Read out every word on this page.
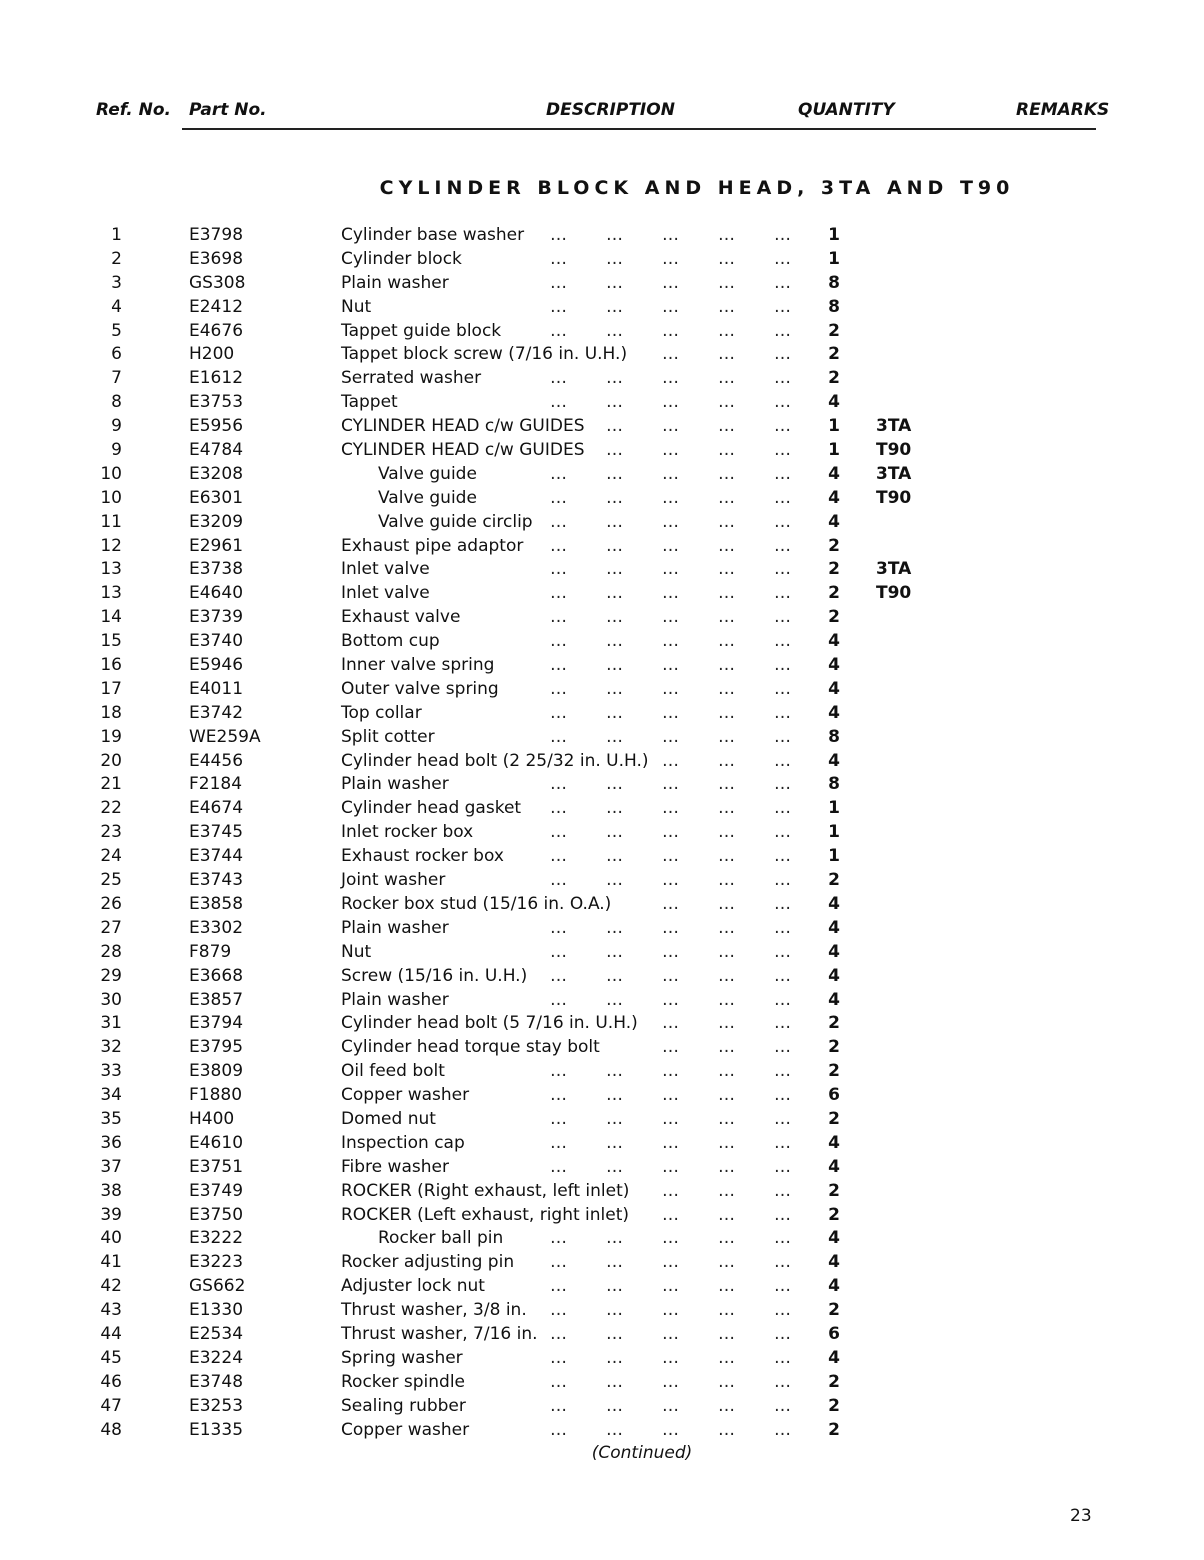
Ref. No. Part No.	DESCRIPTION	QUANTITY	REMARKS
CYLINDER BLOCK AND HEAD, 3TA AND T90
1	E3798	Cylinder base washer … … … … …	1
2	E3698	Cylinder block	… … … … …	1
3	GS308	Plain washer	… … … … …	8
4	E2412	Nut	… … … … …	8
5	E4676	Tappet guide block	… … … … …	2
6	H200	Tappet block screw (7/16 in. U.H.) … … …	2
7	E1612	Serrated washer	… … … … …	2
8	E3753	Tappet	… … … … …	4
9	E5956	CYLINDER HEAD c/w GUIDES … … … …	1	3TA
9	E4784	CYLINDER HEAD c/w GUIDES … … … …	1	T90
10	E3208	Valve guide	… … … … …	4	3TA
10	E6301	Valve guide	… … … … …	4	T90
11	E3209	Valve guide circlip … … … … …	4
12	E2961	Exhaust pipe adaptor … … … … …	2
13	E3738	Inlet valve	… … … … …	2	3TA
13	E4640	Inlet valve	… … … … …	2	T90
14	E3739	Exhaust valve	… … … … …	2
15	E3740	Bottom cup	… … … … …	4
16	E5946	Inner valve spring	… … … … …	4
17	E4011	Outer valve spring	… … … … …	4
18	E3742	Top collar	… … … … …	4
19	WE259A	Split cotter	… … … … …	8
20	E4456	Cylinder head bolt (2 25/32 in. U.H.) … … …	4
21	F2184	Plain washer	… … … … …	8
22	E4674	Cylinder head gasket … … … … …	1
23	E3745	Inlet rocker box	… … … … …	1
24	E3744	Exhaust rocker box	… … … … …	1
25	E3743	Joint washer	… … … … …	2
26	E3858	Rocker box stud (15/16 in. O.A.)	… … …	4
27	E3302	Plain washer	… … … … …	4
28	F879	Nut	… … … … …	4
29	E3668	Screw (15/16 in. U.H.) … … … … …	4
30	E3857	Plain washer	… … … … …	4
31	E3794	Cylinder head bolt (5 7/16 in. U.H.) … … …	2
32	E3795	Cylinder head torque stay bolt	… … …	2
33	E3809	Oil feed bolt	… … … … …	2
34	F1880	Copper washer	… … … … …	6
35	H400	Domed nut	… … … … …	2
36	E4610	Inspection cap	… … … … …	4
37	E3751	Fibre washer	… … … … …	4
38	E3749	ROCKER (Right exhaust, left inlet) … … …	2
39	E3750	ROCKER (Left exhaust, right inlet) … … …	2
40	E3222	Rocker ball pin	… … … … …	4
41	E3223	Rocker adjusting pin … … … … …	4
42	GS662	Adjuster lock nut	… … … … …	4
43	E1330	Thrust washer, 3/8 in. … … … … …	2
44	E2534	Thrust washer, 7/16 in. … … … … …	6
45	E3224	Spring washer	… … … … …	4
46	E3748	Rocker spindle	… … … … …	2
47	E3253	Sealing rubber	… … … … …	2
48	E1335	Copper washer	… … … … …	2
(Continued)
23
